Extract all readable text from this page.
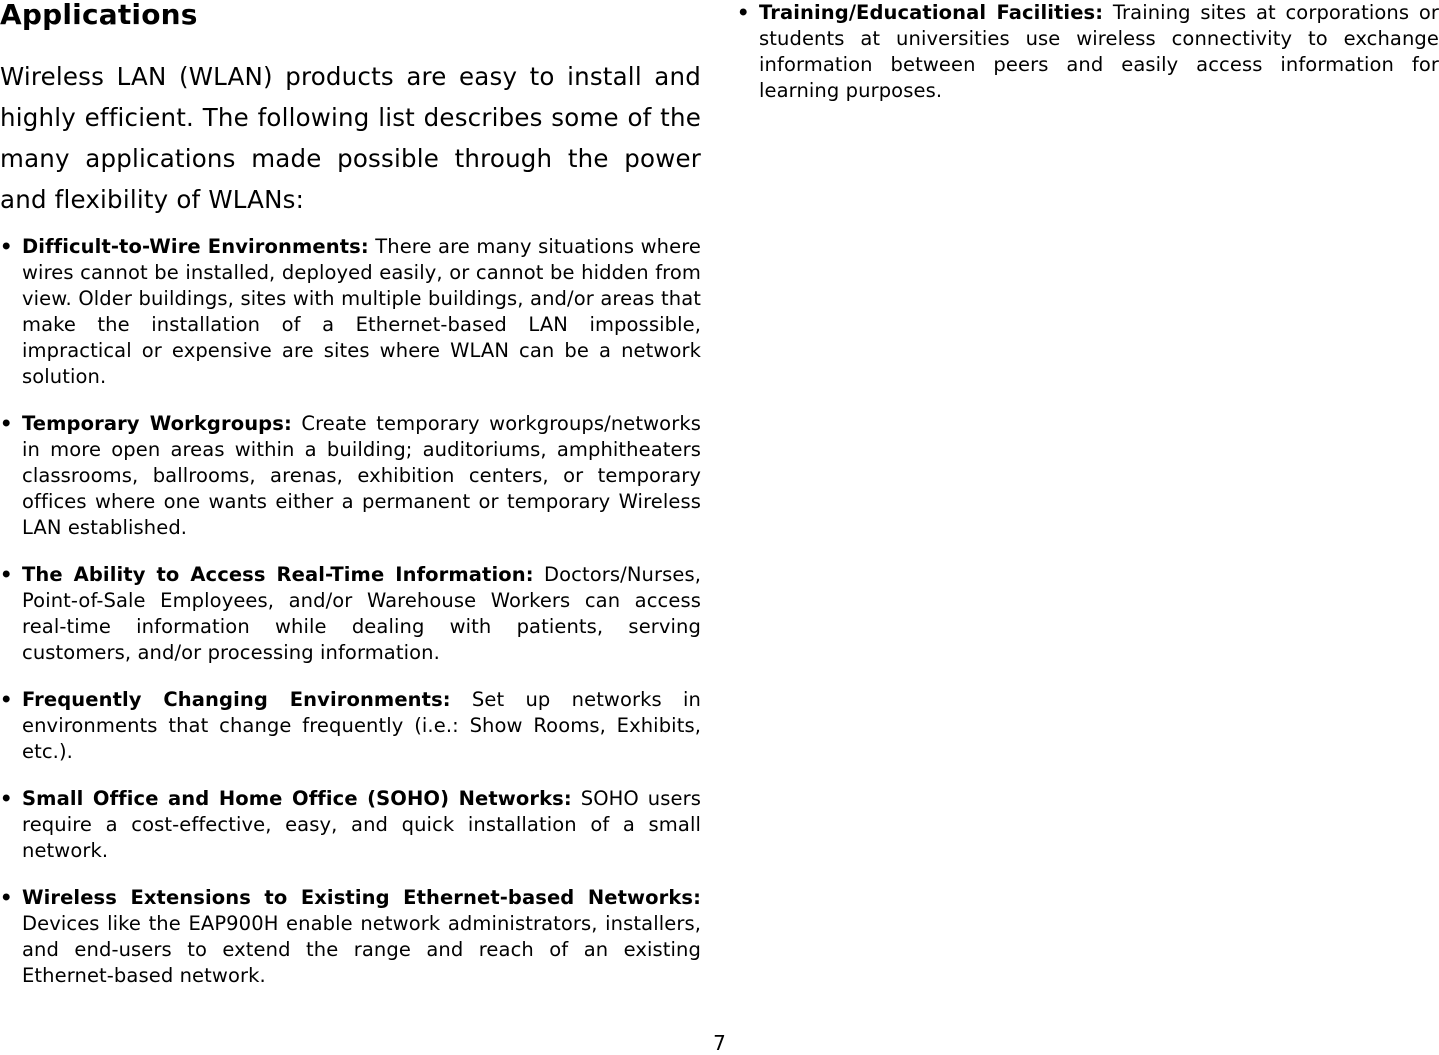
Applications

Wireless LAN (WLAN) products are easy to install and highly efficient. The following list describes some of the many applications made possible through the power and flexibility of WLANs:

• Difficult-to-Wire Environments: There are many situations where wires cannot be installed, deployed easily, or cannot be hidden from view. Older buildings, sites with multiple buildings, and/or areas that make the installation of a Ethernet-based LAN impossible, impractical or expensive are sites where WLAN can be a network solution.
• Temporary Workgroups: Create temporary workgroups/networks in more open areas within a building; auditoriums, amphitheaters classrooms, ballrooms, arenas, exhibition centers, or temporary offices where one wants either a permanent or temporary Wireless LAN established.
• The Ability to Access Real-Time Information: Doctors/Nurses, Point-of-Sale Employees, and/or Warehouse Workers can access real-time information while dealing with patients, serving customers, and/or processing information.
• Frequently Changing Environments: Set up networks in environments that change frequently (i.e.: Show Rooms, Exhibits, etc.).
• Small Office and Home Office (SOHO) Networks: SOHO users require a cost-effective, easy, and quick installation of a small network.
• Wireless Extensions to Existing Ethernet-based Networks: Devices like the EAP900H enable network administrators, installers, and end-users to extend the range and reach of an existing Ethernet-based network.
• Training/Educational Facilities: Training sites at corporations or students at universities use wireless connectivity to exchange information between peers and easily access information for learning purposes.
7
